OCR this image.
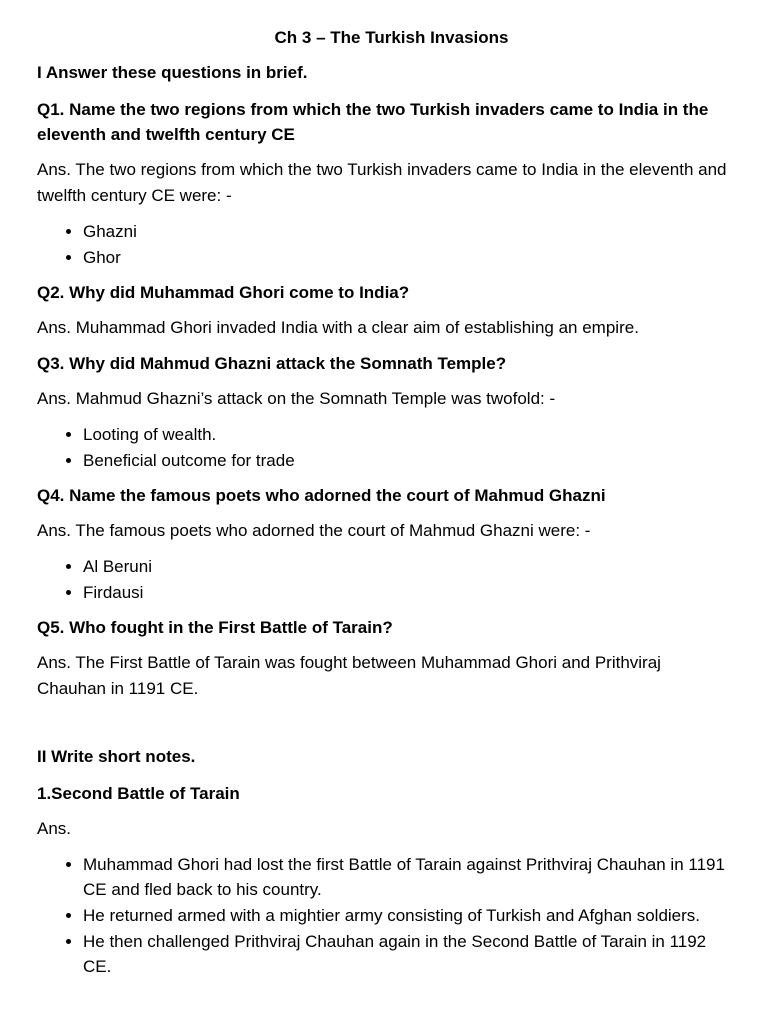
Ch 3 – The Turkish Invasions
I Answer these questions in brief.
Q1. Name the two regions from which the two Turkish invaders came to India in the eleventh and twelfth century CE
Ans. The two regions from which the two Turkish invaders came to India in the eleventh and twelfth century CE were: -
• Ghazni
• Ghor
Q2. Why did Muhammad Ghori come to India?
Ans. Muhammad Ghori invaded India with a clear aim of establishing an empire.
Q3. Why did Mahmud Ghazni attack the Somnath Temple?
Ans. Mahmud Ghazni’s attack on the Somnath Temple was twofold: -
• Looting of wealth.
• Beneficial outcome for trade
Q4. Name the famous poets who adorned the court of Mahmud Ghazni
Ans. The famous poets who adorned the court of Mahmud Ghazni were: -
• Al Beruni
• Firdausi
Q5. Who fought in the First Battle of Tarain?
Ans. The First Battle of Tarain was fought between Muhammad Ghori and Prithviraj Chauhan in 1191 CE.
II Write short notes.
1.Second Battle of Tarain
Ans.
• Muhammad Ghori had lost the first Battle of Tarain against Prithviraj Chauhan in 1191 CE and fled back to his country.
• He returned armed with a mightier army consisting of Turkish and Afghan soldiers.
• He then challenged Prithviraj Chauhan again in the Second Battle of Tarain in 1192 CE.
